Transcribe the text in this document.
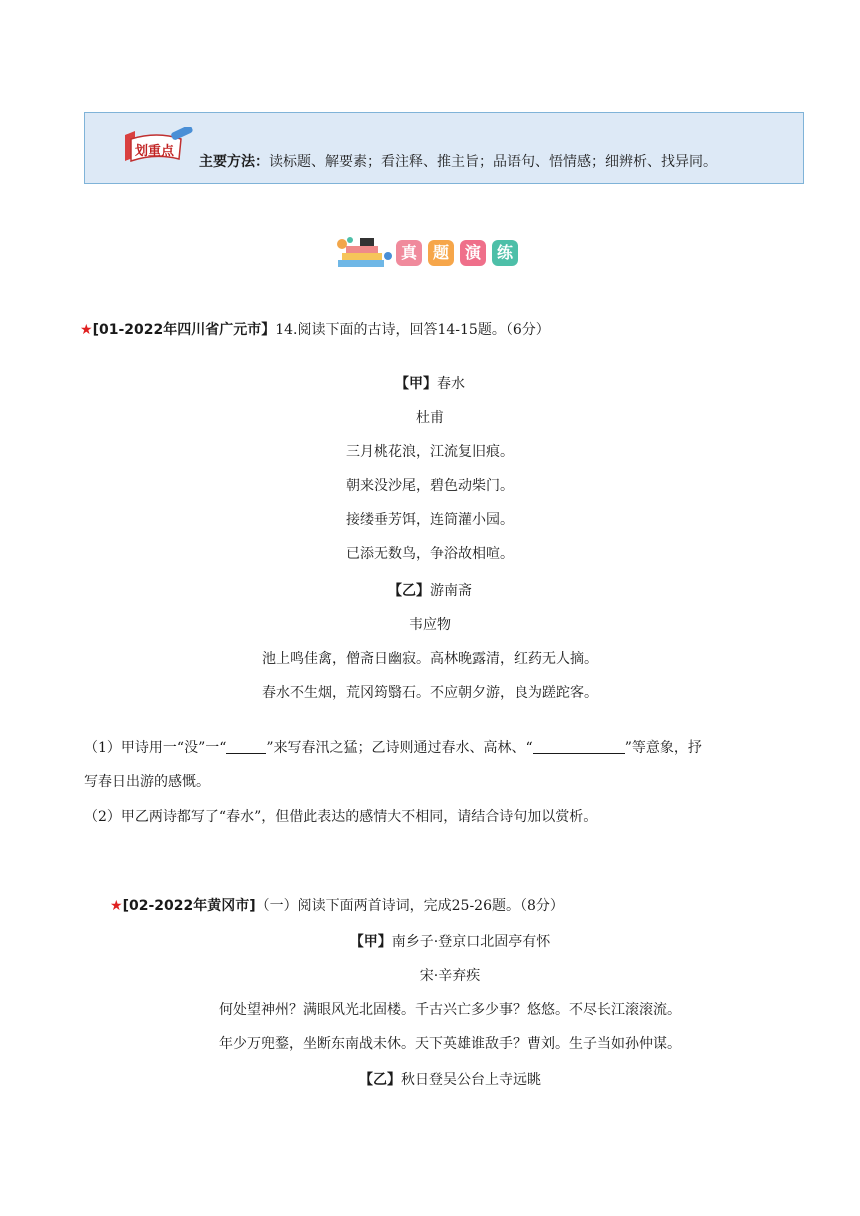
划重点
主要方法：读标题、解要素；看注释、推主旨；品语句、悟情感；细辨析、找异同。
真 题 演 练
★[01-2022年四川省广元市】14.阅读下面的古诗，回答14-15题。（6分）
【甲】春水
杜甫
三月桃花浪，江流复旧痕。
朝来没沙尾，碧色动柴门。
接缕垂芳饵，连筒灌小园。
已添无数鸟，争浴故相喧。
【乙】游南斋
韦应物
池上鸣佳禽，僧斋日幽寂。高林晚露清，红药无人摘。
春水不生烟，荒冈筠翳石。不应朝夕游，良为蹉跎客。
（1）甲诗用一“没”一“	”来写春汛之猛；乙诗则通过春水、高林、“	”等意象，抒
写春日出游的感慨。
（2）甲乙两诗都写了“春水”，但借此表达的感情大不相同，请结合诗句加以赏析。
★[02-2022年黄冈市]（一）阅读下面两首诗词，完成25-26题。（8分）
【甲】南乡子·登京口北固亭有怀
宋·辛弃疾
何处望神州？满眼风光北固楼。千古兴亡多少事？悠悠。不尽长江滚滚流。
年少万兜鍪，坐断东南战未休。天下英雄谁敌手？曹刘。生子当如孙仲谋。
【乙】秋日登吴公台上寺远眺
